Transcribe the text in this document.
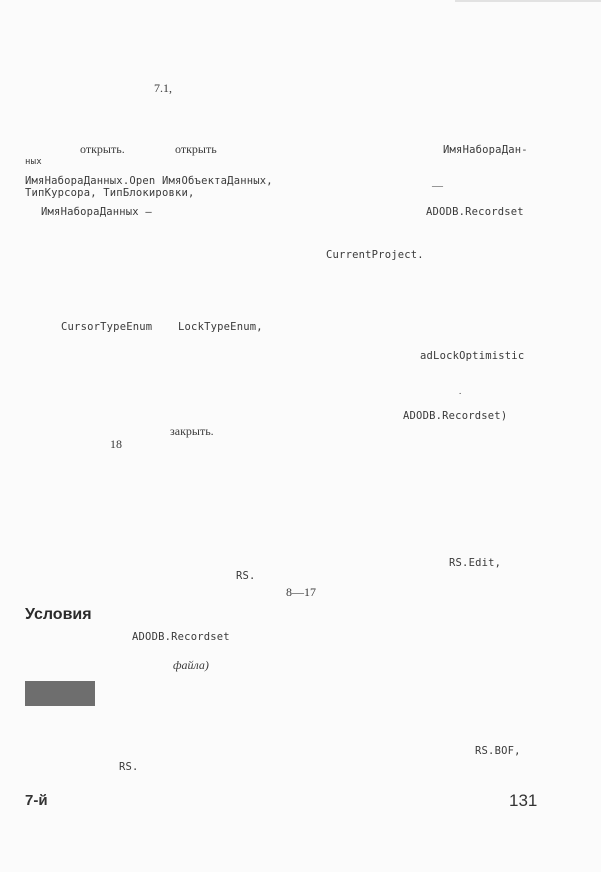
7.1,
открыть.	открыть	ИмяНабораДан-
ных
ИмяНабораДанных.Open ИмяОбъектаДанных,
ТипКурсора, ТипБлокировки,
—
ИмяНабораДанных —	ADODB.Recordset
CurrentProject.
CursorTypeEnum LockTypeEnum,
adLockOptimistic
.
ADODB.Recordset)
закрыть.
18
RS.Edit,
RS.
8—17
Условия
ADODB.Recordset
файла)
RS.BOF,
RS.
7-й	131
